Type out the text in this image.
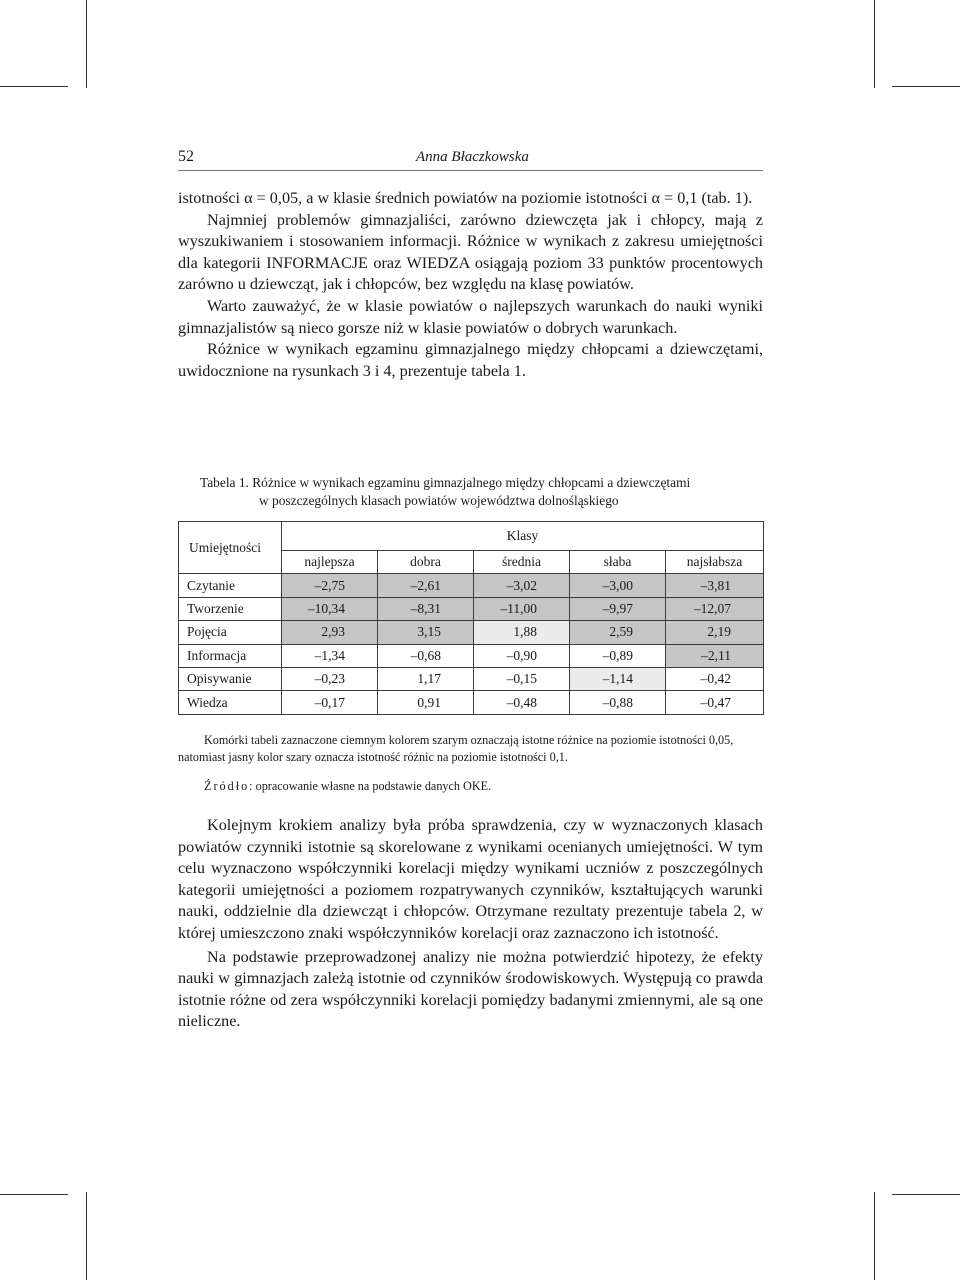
52	Anna Błaczkowska

istotności α = 0,05, a w klasie średnich powiatów na poziomie istotności α = 0,1 (tab. 1).

Najmniej problemów gimnazjaliści, zarówno dziewczęta jak i chłopcy, mają z wyszukiwaniem i stosowaniem informacji. Różnice w wynikach z zakresu umiejętności dla kategorii INFORMACJE oraz WIEDZA osiągają poziom 33 punktów procentowych zarówno u dziewcząt, jak i chłopców, bez względu na klasę powiatów.

Warto zauważyć, że w klasie powiatów o najlepszych warunkach do nauki wyniki gimnazjalistów są nieco gorsze niż w klasie powiatów o dobrych warunkach.

Różnice w wynikach egzaminu gimnazjalnego między chłopcami a dziewczętami, uwidocznione na rysunkach 3 i 4, prezentuje tabela 1.

Tabela 1. Różnice w wynikach egzaminu gimnazjalnego między chłopcami a dziewczętami
w poszczególnych klasach powiatów województwa dolnośląskiego
Umiejętności	Klasy				
	najlepsza	dobra	średnia	słaba	najsłabsza
Czytanie	–2,75	–2,61	–3,02	–3,00	–3,81
Tworzenie	–10,34	–8,31	–11,00	–9,97	–12,07
Pojęcia	2,93	3,15	1,88	2,59	2,19
Informacja	–1,34	–0,68	–0,90	–0,89	–2,11
Opisywanie	–0,23	1,17	–0,15	–1,14	–0,42
Wiedza	–0,17	0,91	–0,48	–0,88	–0,47

Komórki tabeli zaznaczone ciemnym kolorem szarym oznaczają istotne różnice na poziomie istotności 0,05,

natomiast jasny kolor szary oznacza istotność różnic na poziomie istotności 0,1.

Źródło: opracowanie własne na podstawie danych OKE.

Kolejnym krokiem analizy była próba sprawdzenia, czy w wyznaczonych klasach powiatów czynniki istotnie są skorelowane z wynikami ocenianych umiejętności. W tym celu wyznaczono współczynniki korelacji między wynikami uczniów z poszczególnych kategorii umiejętności a poziomem rozpatrywanych czynników, kształtujących warunki nauki, oddzielnie dla dziewcząt i chłopców. Otrzymane rezultaty prezentuje tabela 2, w której umieszczono znaki współczynników korelacji oraz zaznaczono ich istotność.

Na podstawie przeprowadzonej analizy nie można potwierdzić hipotezy, że efekty nauki w gimnazjach zależą istotnie od czynników środowiskowych. Występują co prawda istotnie różne od zera współczynniki korelacji pomiędzy badanymi zmiennymi, ale są one nieliczne.
